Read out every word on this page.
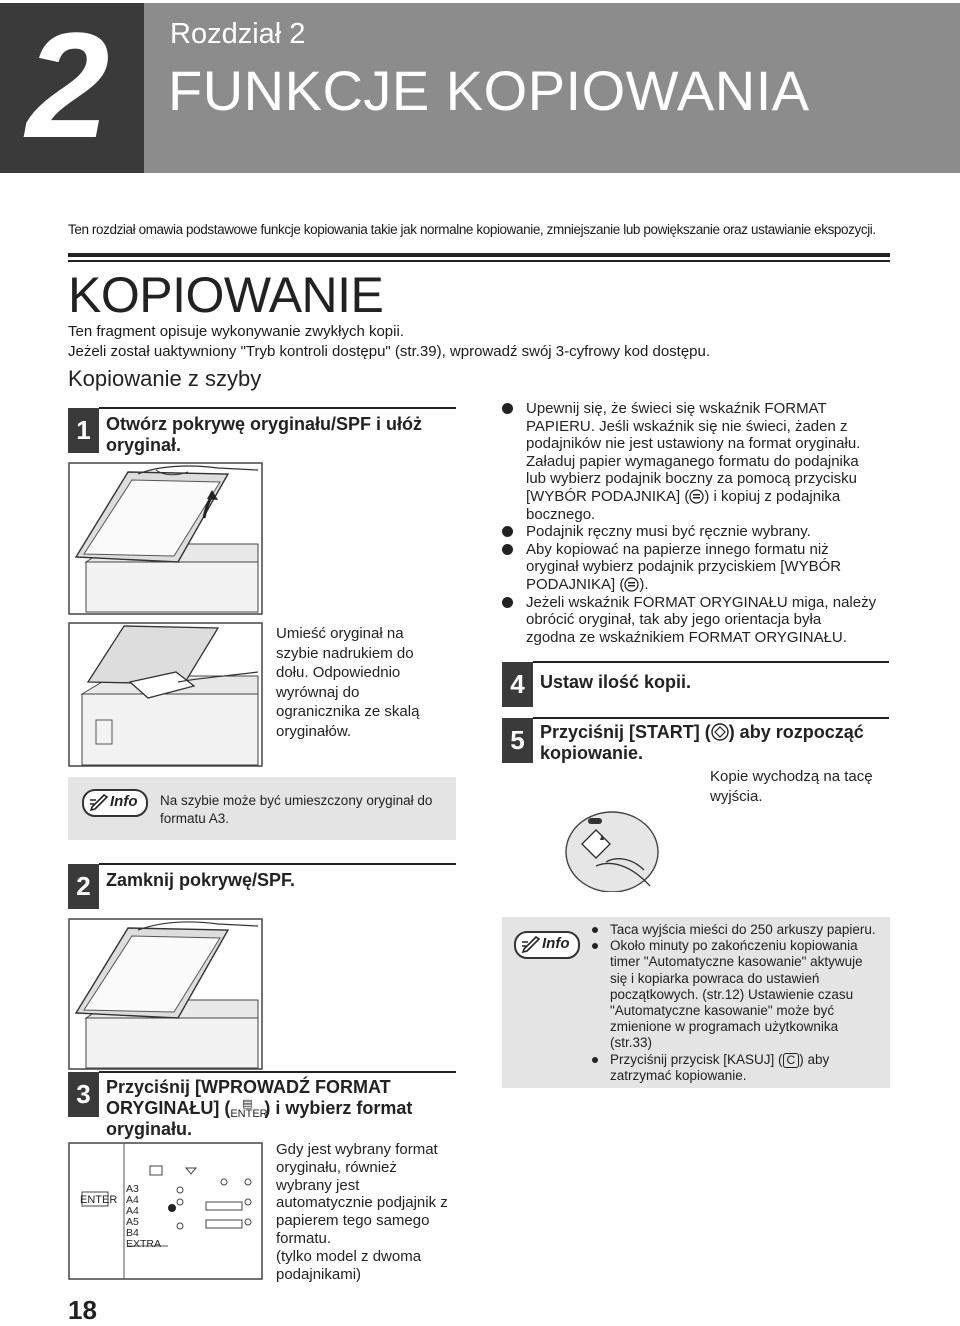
2 Rozdział 2
FUNKCJE KOPIOWANIA
Ten rozdział omawia podstawowe funkcje kopiowania takie jak normalne kopiowanie, zmniejszanie lub powiększanie oraz ustawianie ekspozycji.
KOPIOWANIE
Ten fragment opisuje wykonywanie zwykłych kopii.
Jeżeli został uaktywniony "Tryb kontroli dostępu" (str.39), wprowadź swój 3-cyfrowy kod dostępu.
Kopiowanie z szyby
1 Otwórz pokrywę oryginału/SPF i ułóż
oryginał.
Umieść oryginał na
szybie nadrukiem do
dołu. Odpowiednio
wyrównaj do
ogranicznika ze skalą
oryginałów.
Info Na szybie może być umieszczony oryginał do
formatu A3.
2 Zamknij pokrywę/SPF.
3 Przyciśnij [WPROWADŹ FORMAT
ORYGINAŁU] ( ▤
ENTER) i wybierz format
oryginału.
ENTER
A3
A4
A4
A5
B4
EXTRA
Gdy jest wybrany format
oryginału, również
wybrany jest
automatycznie podjajnik z
papierem tego samego
formatu.
(tylko model z dwoma
podajnikami)
Upewnij się, że świeci się wskaźnik FORMAT
PAPIERU. Jeśli wskaźnik się nie świeci, żaden z
podajników nie jest ustawiony na format oryginału.
Załaduj papier wymaganego formatu do podajnika
lub wybierz podajnik boczny za pomocą przycisku
[WYBÓR PODAJNIKA] ( ) i kopiuj z podajnika
bocznego.
Podajnik ręczny musi być ręcznie wybrany.
Aby kopiować na papierze innego formatu niż
oryginał wybierz podajnik przyciskiem [WYBÓR
PODAJNIKA] ( ).
Jeżeli wskaźnik FORMAT ORYGINAŁU miga, należy
obrócić oryginał, tak aby jego orientacja była
zgodna ze wskaźnikiem FORMAT ORYGINAŁU.
4 Ustaw ilość kopii.
5 Przyciśnij [START] ( ) aby rozpocząć
kopiowanie.
Kopie wychodzą na tacę
wyjścia.
Info
Taca wyjścia mieści do 250 arkuszy papieru.
Około minuty po zakończeniu kopiowania
timer "Automatyczne kasowanie" aktywuje
się i kopiarka powraca do ustawień
początkowych. (str.12) Ustawienie czasu
"Automatyczne kasowanie" może być
zmienione w programach użytkownika
(str.33)
Przyciśnij przycisk [KASUJ] ( C ) aby
zatrzymać kopiowanie.
18
